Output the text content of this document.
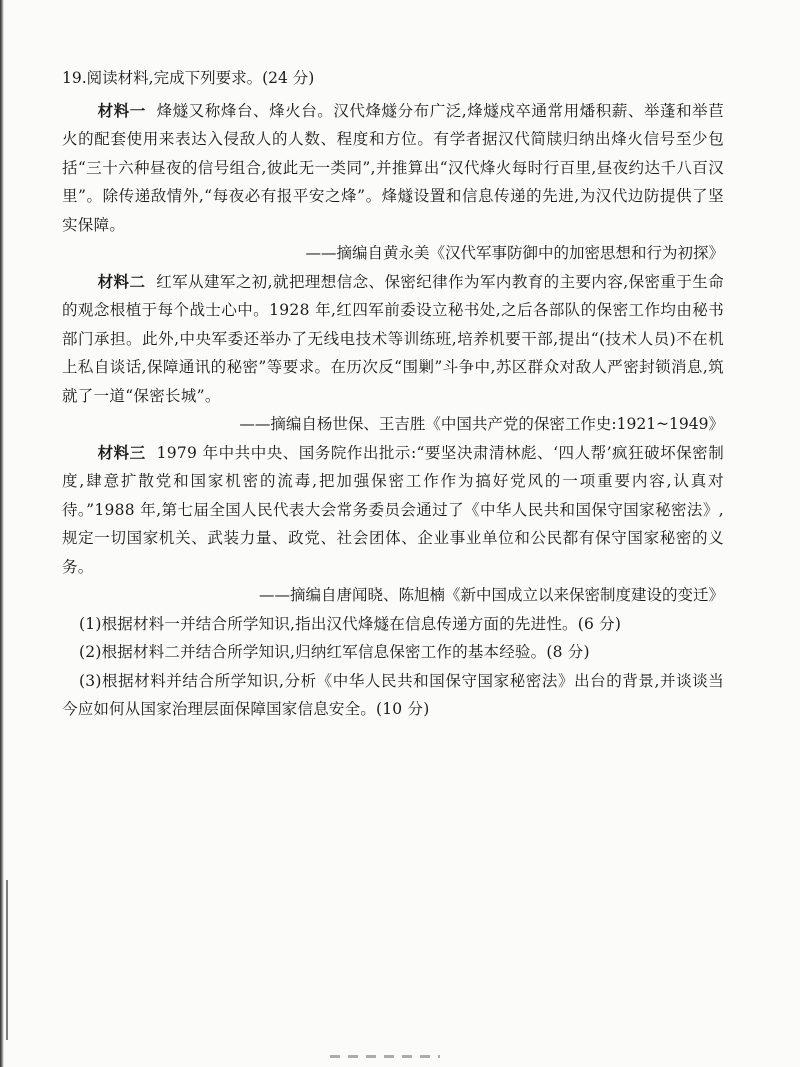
19.阅读材料,完成下列要求。(24 分)

材料一 烽燧又称烽台、烽火台。汉代烽燧分布广泛,烽燧戍卒通常用燔积薪、举蓬和举苣火的配套使用来表达入侵敌人的人数、程度和方位。有学者据汉代简牍归纳出烽火信号至少包括“三十六种昼夜的信号组合,彼此无一类同”,并推算出“汉代烽火每时行百里,昼夜约达千八百汉里”。除传递敌情外,“每夜必有报平安之烽”。烽燧设置和信息传递的先进,为汉代边防提供了坚实保障。

——摘编自黄永美《汉代军事防御中的加密思想和行为初探》

材料二 红军从建军之初,就把理想信念、保密纪律作为军内教育的主要内容,保密重于生命的观念根植于每个战士心中。1928 年,红四军前委设立秘书处,之后各部队的保密工作均由秘书部门承担。此外,中央军委还举办了无线电技术等训练班,培养机要干部,提出“(技术人员)不在机上私自谈话,保障通讯的秘密”等要求。在历次反“围剿”斗争中,苏区群众对敌人严密封锁消息,筑就了一道“保密长城”。

——摘编自杨世保、王吉胜《中国共产党的保密工作史:1921~1949》

材料三 1979 年中共中央、国务院作出批示:“要坚决肃清林彪、‘四人帮’疯狂破坏保密制度,肆意扩散党和国家机密的流毒,把加强保密工作作为搞好党风的一项重要内容,认真对待。”1988 年,第七届全国人民代表大会常务委员会通过了《中华人民共和国保守国家秘密法》,规定一切国家机关、武装力量、政党、社会团体、企业事业单位和公民都有保守国家秘密的义务。

——摘编自唐闻晓、陈旭楠《新中国成立以来保密制度建设的变迁》

(1)根据材料一并结合所学知识,指出汉代烽燧在信息传递方面的先进性。(6 分)

(2)根据材料二并结合所学知识,归纳红军信息保密工作的基本经验。(8 分)

(3)根据材料并结合所学知识,分析《中华人民共和国保守国家秘密法》出台的背景,并谈谈当今应如何从国家治理层面保障国家信息安全。(10 分)
